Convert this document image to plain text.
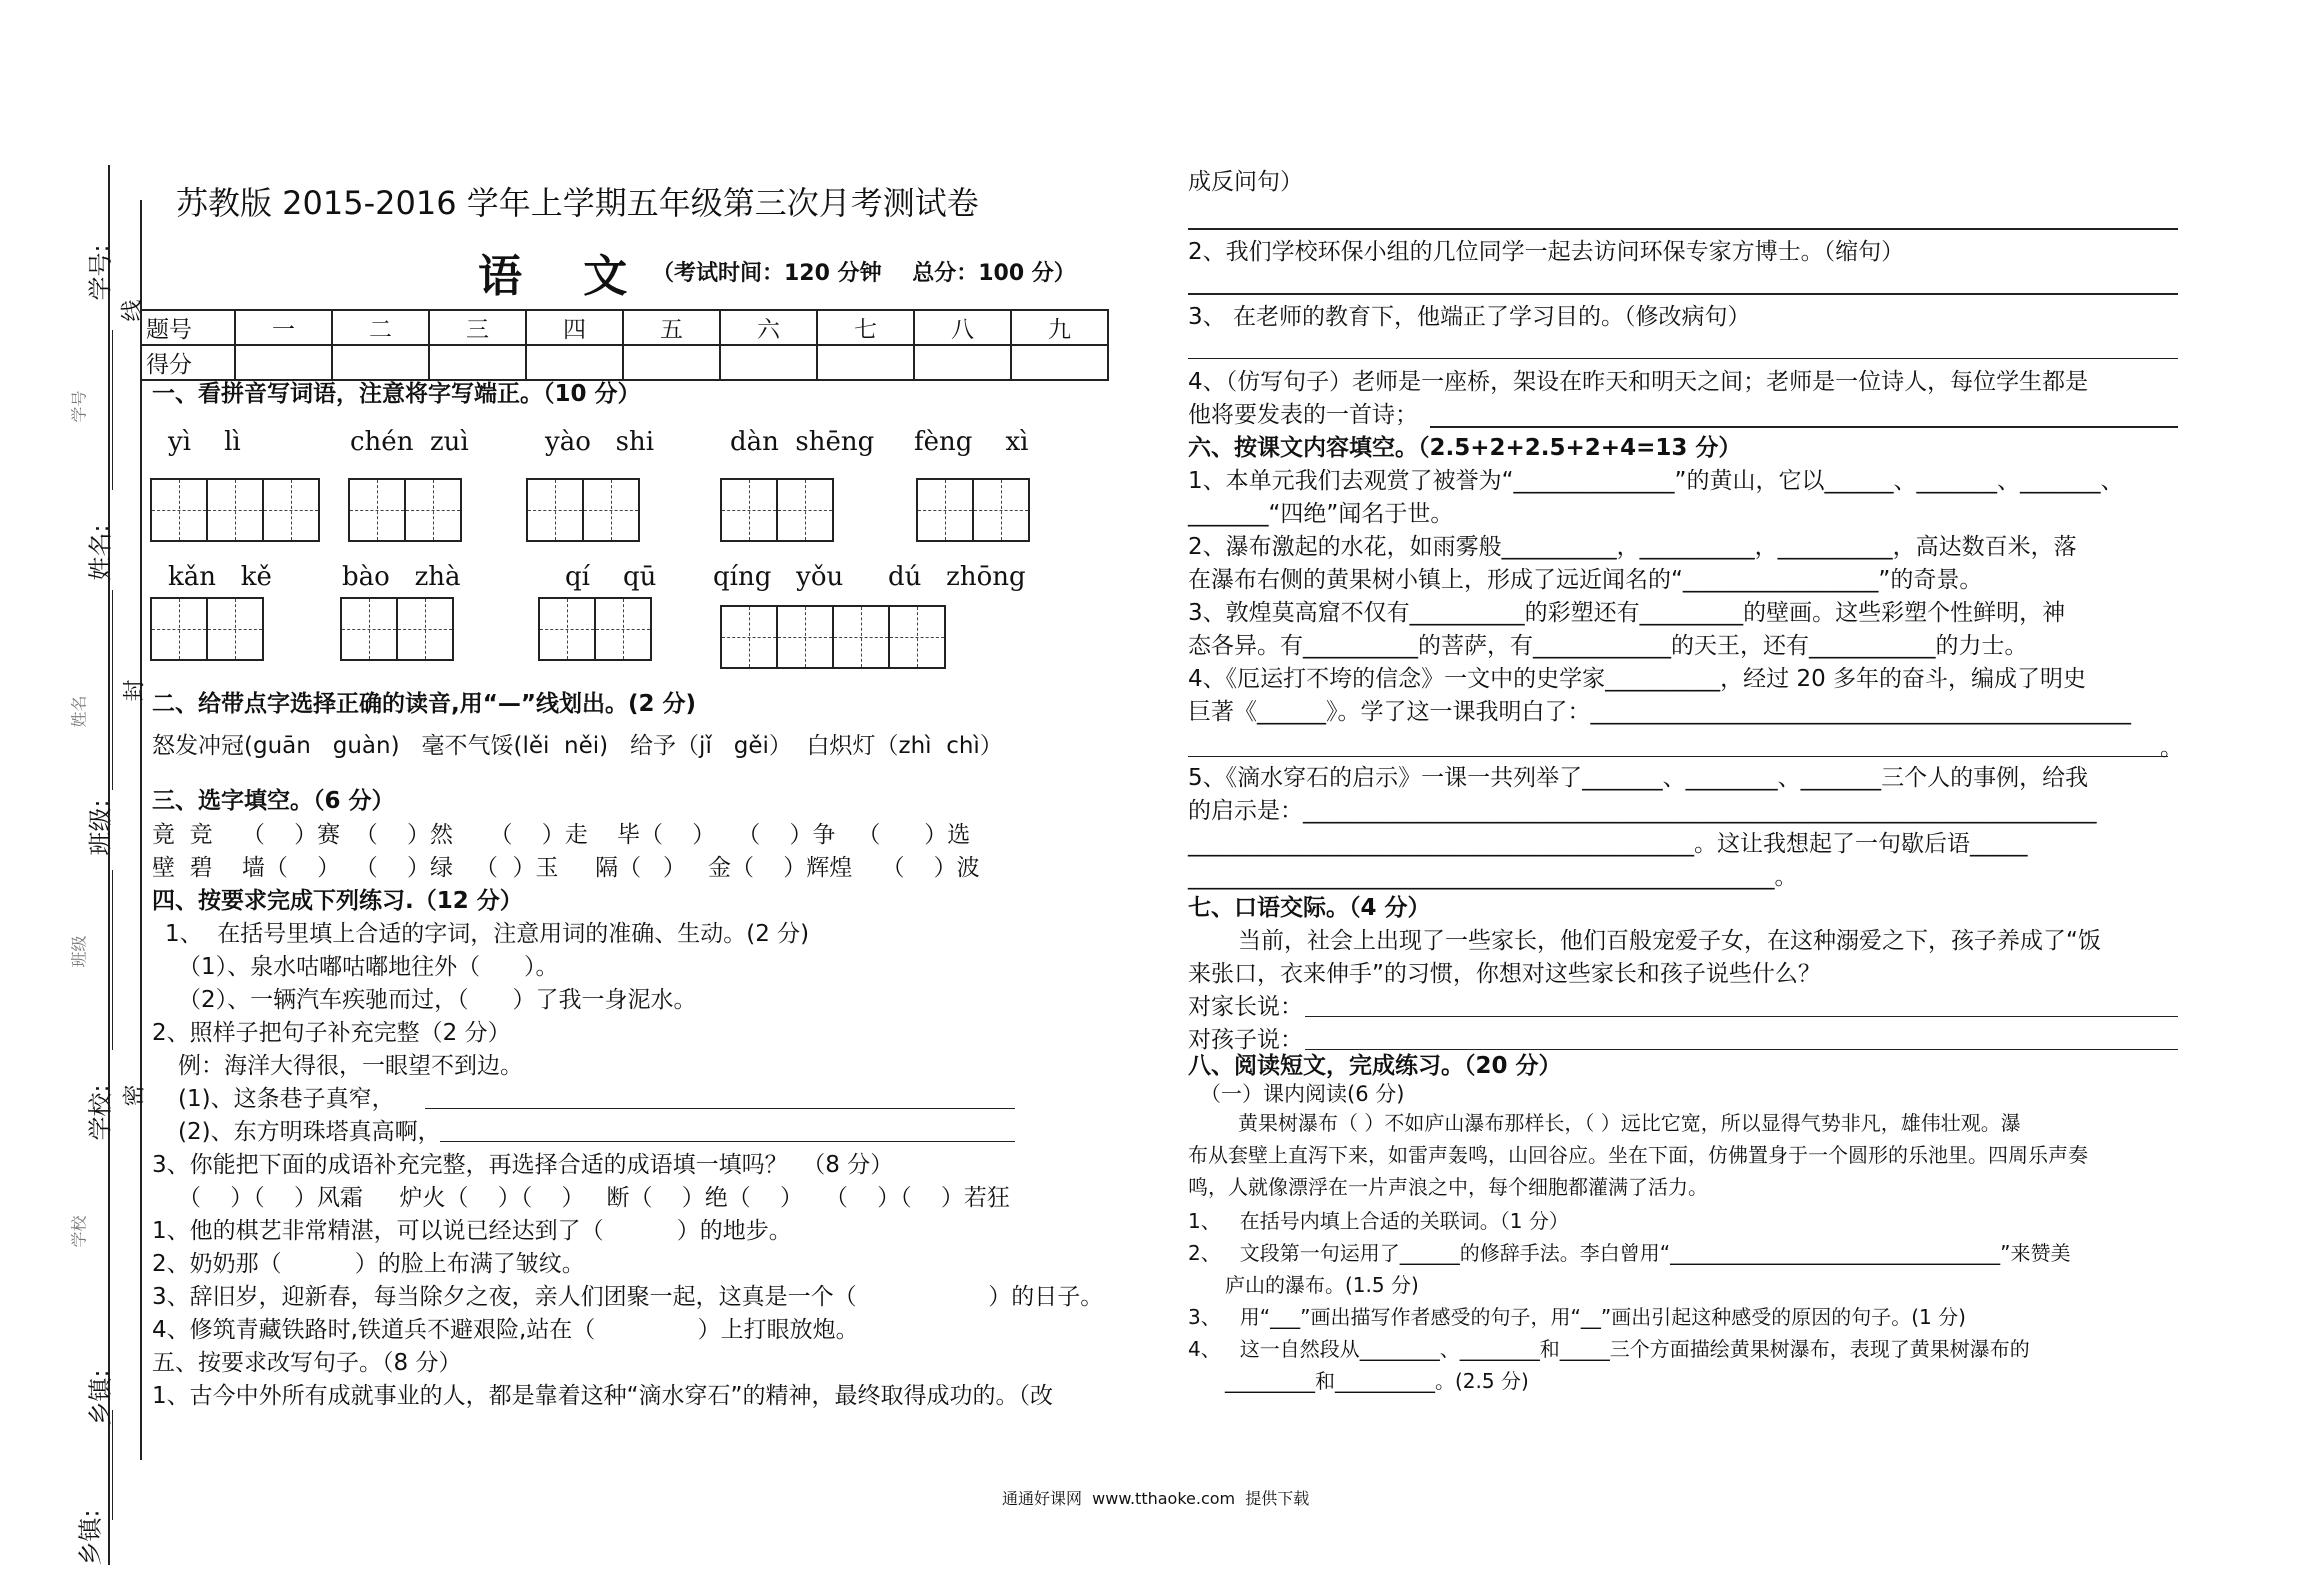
学号:
线
学号
姓名:
姓名
封
班级:
班级
学校: 密
学校
乡镇:
乡镇:
苏教版 2015-2016 学年上学期五年级第三次月考测试卷
语    文 （考试时间：120 分钟    总分：100 分）
题号	一	二	三	四	五	六	七	八	九
得分									
一、看拼音写词语，注意将字写端正。（10 分）
yì    lì	chén  zuì	yào   shi	dàn  shēng fèng    xì
kǎn   kě	bào   zhà	qí    qū qíng   yǒu dú   zhōng
二、给带点字选择正确的读音,用“—”线划出。(2 分)
怒发冲冠(guān   guàn)   毫不气馁(lěi  něi)   给予（jǐ   gěi）  白炽灯（zhì  chì）
三、选字填空。（6 分）
竟  竞    （    ）赛  （    ）然     （    ）走    毕（    ）   （    ）争   （      ）选
壁  碧    墙（    ）  （    ）绿   （  ）玉     隔（   ）   金（    ）辉煌    （    ）波
四、按要求完成下列练习.（12 分）
1、  在括号里填上合适的字词，注意用词的准确、生动。(2 分)
（1）、泉水咕嘟咕嘟地往外（      ）。
（2）、一辆汽车疾驰而过，（      ）了我一身泥水。
2、照样子把句子补充完整（2 分）
例：海洋大得很，一眼望不到边。
(1)、这条巷子真窄，
(2)、东方明珠塔真高啊，
3、你能把下面的成语补充完整，再选择合适的成语填一填吗？  （8 分）
（    ）（    ）风霜     炉火（    ）（    ）   断（    ）绝（    ）   （    ）（    ）若狂
1、他的棋艺非常精湛，可以说已经达到了（          ）的地步。
2、奶奶那（          ）的脸上布满了皱纹。
3、辞旧岁，迎新春，每当除夕之夜，亲人们团聚一起，这真是一个（                  ）的日子。
4、修筑青藏铁路时,铁道兵不避艰险,站在（              ）上打眼放炮。
五、按要求改写句子。（8 分）
1、古今中外所有成就事业的人，都是靠着这种“滴水穿石”的精神，最终取得成功的。（改
成反问句）
2、我们学校环保小组的几位同学一起去访问环保专家方博士。（缩句）
3、 在老师的教育下，他端正了学习目的。（修改病句）
4、（仿写句子）老师是一座桥，架设在昨天和明天之间；老师是一位诗人，每位学生都是
他将要发表的一首诗；
六、按课文内容填空。（2.5+2+2.5+2+4=13 分）
1、本单元我们去观赏了被誉为“______________”的黄山，它以______、_______、_______、
_______“四绝”闻名于世。
2、瀑布激起的水花，如雨雾般__________，__________，__________，高达数百米，落
在瀑布右侧的黄果树小镇上，形成了远近闻名的“_________________”的奇景。
3、敦煌莫高窟不仅有__________的彩塑还有_________的壁画。这些彩塑个性鲜明，神
态各异。有__________的菩萨，有____________的天王，还有___________的力士。
4、《厄运打不垮的信念》一文中的史学家__________，经过 20 多年的奋斗，编成了明史
巨著《______》。学了这一课我明白了：_______________________________________________
。
5、《滴水穿石的启示》一课一共列举了_______、________、_______三个人的事例，给我
的启示是：_____________________________________________________________________
____________________________________________。这让我想起了一句歇后语_____
___________________________________________________。
七、口语交际。（4 分）
当前，社会上出现了一些家长，他们百般宠爱子女，在这种溺爱之下，孩子养成了“饭
来张口，衣来伸手”的习惯，你想对这些家长和孩子说些什么？
对家长说：
对孩子说：
八、阅读短文，完成练习。（20 分）
（一）课内阅读(6 分)
黄果树瀑布（ ）不如庐山瀑布那样长，（ ）远比它宽，所以显得气势非凡，雄伟壮观。瀑
布从套壁上直泻下来，如雷声轰鸣，山回谷应。坐在下面，仿佛置身于一个圆形的乐池里。四周乐声奏
鸣，人就像漂浮在一片声浪之中，每个细胞都灌满了活力。
1、   在括号内填上合适的关联词。（1 分）
2、   文段第一句运用了______的修辞手法。李白曾用“_________________________________”来赞美
庐山的瀑布。(1.5 分)
3、   用“___”画出描写作者感受的句子，用“__”画出引起这种感受的原因的句子。(1 分)
4、   这一自然段从________、________和_____三个方面描绘黄果树瀑布，表现了黄果树瀑布的
_________和__________。(2.5 分)
通通好课网  www.tthaoke.com  提供下载
